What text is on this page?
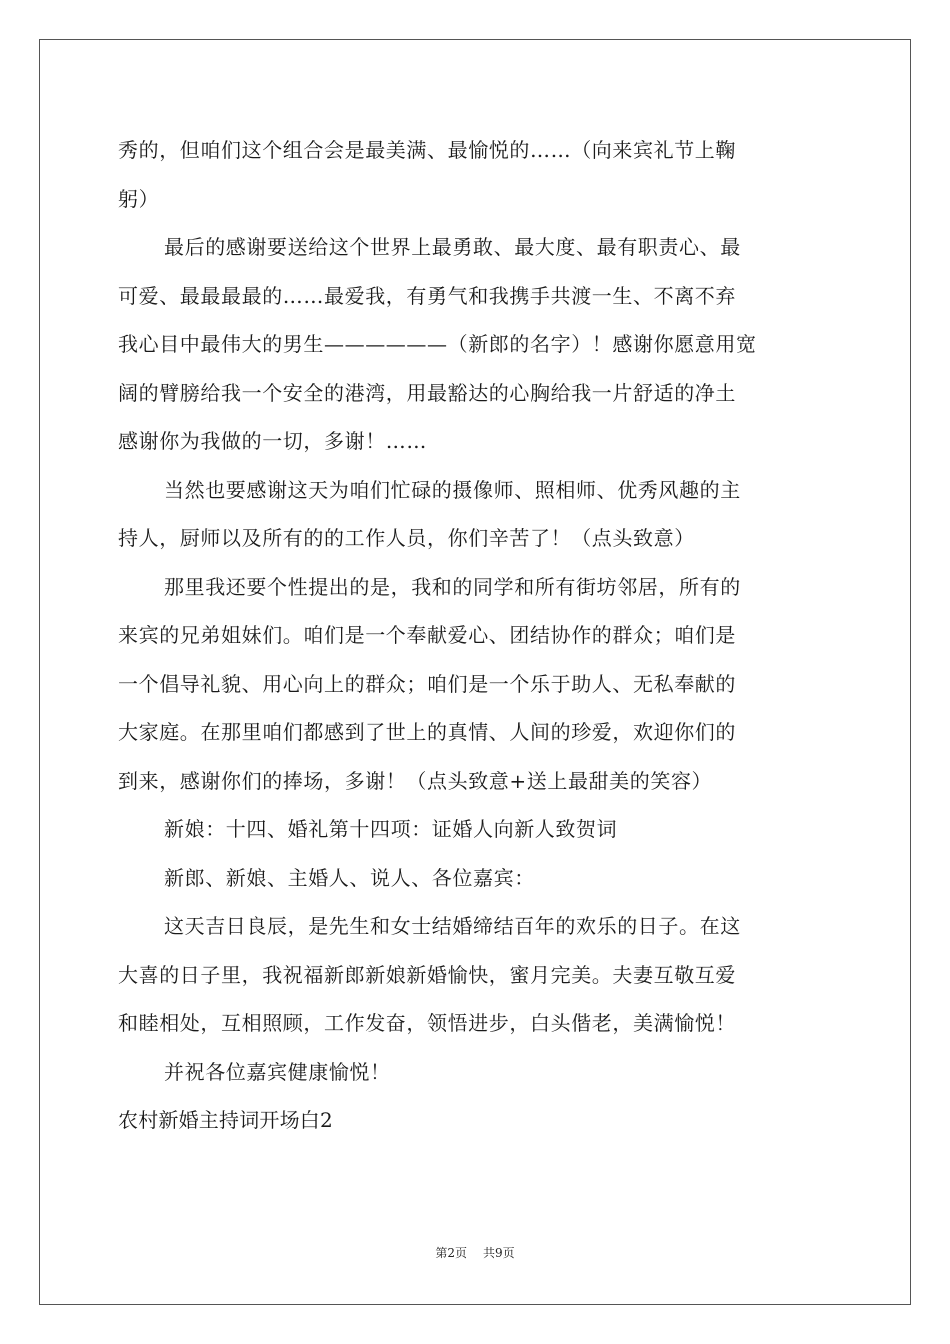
秀的，但咱们这个组合会是最美满、最愉悦的……（向来宾礼节上鞠
躬）
最后的感谢要送给这个世界上最勇敢、最大度、最有职责心、最
可爱、最最最最的……最爱我，有勇气和我携手共渡一生、不离不弃
我心目中最伟大的男生——————（新郎的名字）！感谢你愿意用宽
阔的臂膀给我一个安全的港湾，用最豁达的心胸给我一片舒适的净土
感谢你为我做的一切，多谢！……
当然也要感谢这天为咱们忙碌的摄像师、照相师、优秀风趣的主
持人，厨师以及所有的的工作人员，你们辛苦了！（点头致意）
那里我还要个性提出的是，我和的同学和所有街坊邻居，所有的
来宾的兄弟姐妹们。咱们是一个奉献爱心、团结协作的群众；咱们是
一个倡导礼貌、用心向上的群众；咱们是一个乐于助人、无私奉献的
大家庭。在那里咱们都感到了世上的真情、人间的珍爱，欢迎你们的
到来，感谢你们的捧场，多谢！（点头致意+送上最甜美的笑容）
新娘：十四、婚礼第十四项：证婚人向新人致贺词
新郎、新娘、主婚人、说人、各位嘉宾：
这天吉日良辰，是先生和女士结婚缔结百年的欢乐的日子。在这
大喜的日子里，我祝福新郎新娘新婚愉快，蜜月完美。夫妻互敬互爱
和睦相处，互相照顾，工作发奋，领悟进步，白头偕老，美满愉悦！
并祝各位嘉宾健康愉悦！
农村新婚主持词开场白2
第2页 共9页
